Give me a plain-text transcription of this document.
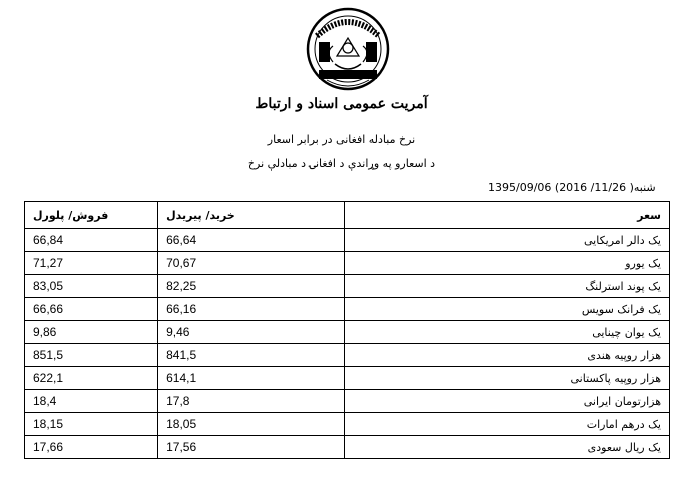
آمریت عمومی اسناد و ارتباط
نرخ مبادله افغانی در برابر اسعار
د اسعارو په وړاندې د افغانۍ د مبادلې نرخ
1395/09/06 (2016 /11/26 )شنبه
سعر	خرید/ پیریدل	فروش/ پلورل
یک دالر امریکایی	66,64	66,84
یک یورو	70,67	71,27
یک پوند استرلنگ	82,25	83,05
یک فرانک سویس	66,16	66,66
یک یوان چینایی	9,46	9,86
هزار روپیه هندی	841,5	851,5
هزار روپیه پاکستانی	614,1	622,1
هزارتومان ایرانی	17,8	18,4
یک درهم امارات	18,05	18,15
یک ریال سعودی	17,56	17,66
